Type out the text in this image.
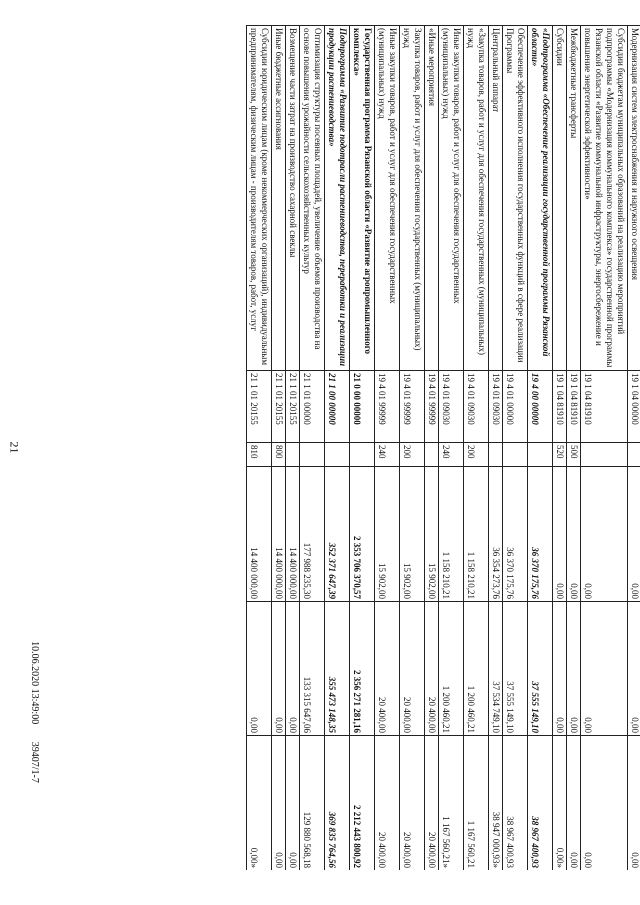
21
10.06.2020 13:49:00       39407/1-7
Модернизация систем электроснабжения и наружного освещения	19 1 04 00000		0,00	0,00	0,00
Субсидии бюджетам муниципальных образований на реализацию мероприятий подпрограммы «Модернизация коммунального комплекса» государственной программы Рязанской области «Развитие коммунальной инфраструктуры, энергосбережение и повышение энергетической эффективности»	19 1 04 81910		0,00	0,00	0,00
Межбюджетные трансферты	19 1 04 81910	500	0,00	0,00	0,00
Субсидии	19 1 04 81910	520	0,00	0,00	0,00»
«Подпрограмма «Обеспечение реализации государственной программы Рязанской области»	19 4 00 00000		36 370 175,76	37 555 149,10	38 967 400,93
Обеспечение эффективного исполнения государственных функций в сфере реализации Программы	19 4 01 00000		36 370 175,76	37 555 149,10	38 967 400,93
Центральный аппарат	19 4 01 09030		36 354 273,76	37 534 749,10	38 947 000,93»
«Закупка товаров, работ и услуг для обеспечения государственных (муниципальных) нужд	19 4 01 09030	200	1 158 210,21	1 200 460,21	1 167 560,21
Иные закупки товаров, работ и услуг для обеспечения государственных (муниципальных) нужд	19 4 01 09030	240	1 158 210,21	1 200 460,21	1 167 560,21»
«Иные мероприятия	19 4 01 99999		15 902,00	20 400,00	20 400,00
Закупка товаров, работ и услуг для обеспечения государственных (муниципальных) нужд	19 4 01 99999	200	15 902,00	20 400,00	20 400,00
Иные закупки товаров, работ и услуг для обеспечения государственных (муниципальных) нужд	19 4 01 99999	240	15 902,00	20 400,00	20 400,00
Государственная программа Рязанской области «Развитие агропромышленного комплекса»	21 0 00 00000		2 353 706 370,57	2 356 271 281,16	2 212 443 800,92
Подпрограмма «Развитие подотрасли растениеводства, переработки и реализации продукции растениеводства»	21 1 00 00000		352 371 647,39	355 473 148,35	369 835 764,56
Оптимизация структуры посевных площадей, увеличение объемов производства на основе повышения урожайности сельскохозяйственных культур	21 1 01 00000		177 988 235,30	133 315 647,06	129 880 568,18
Возмещение части затрат на производство сахарной свеклы	21 1 01 20155		14 400 000,00	0,00	0,00
Иные бюджетные ассигнования	21 1 01 20155	800	14 400 000,00	0,00	0,00
Субсидии юридическим лицам (кроме некоммерческих организаций), индивидуальным предпринимателям, физическим лицам - производителям товаров, работ, услуг	21 1 01 20155	810	14 400 000,00	0,00	0,00»
